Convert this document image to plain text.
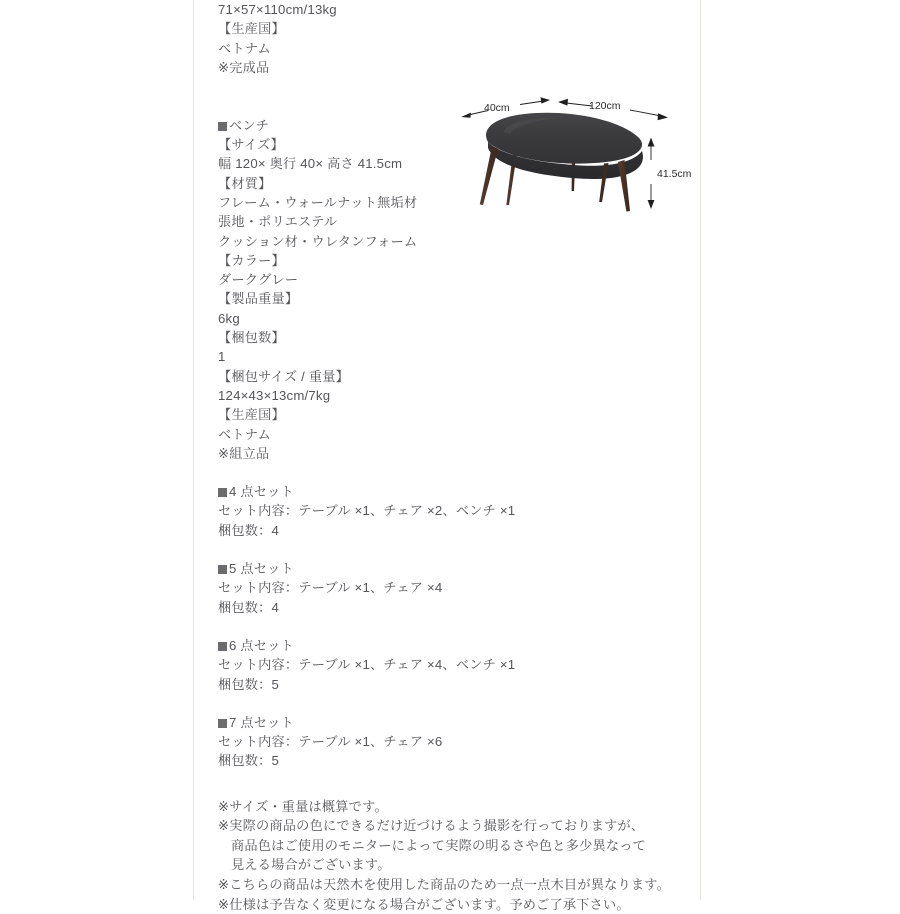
71×57×110cm/13kg
【生産国】
ベトナム
※完成品
ベンチ
【サイズ】
幅 120× 奥行 40× 高さ 41.5cm
【材質】
フレーム・ウォールナット無垢材
張地・ポリエステル
クッション材・ウレタンフォーム
【カラー】
ダークグレー
【製品重量】
6kg
【梱包数】
1
【梱包サイズ / 重量】
124×43×13cm/7kg
【生産国】
ベトナム
※組立品
4 点セット
セット内容：テーブル ×1、チェア ×2、ベンチ ×1
梱包数：4
5 点セット
セット内容：テーブル ×1、チェア ×4
梱包数：4
6 点セット
セット内容：テーブル ×1、チェア ×4、ベンチ ×1
梱包数：5
7 点セット
セット内容：テーブル ×1、チェア ×6
梱包数：5
※サイズ・重量は概算です。
※実際の商品の色にできるだけ近づけるよう撮影を行っておりますが、
商品色はご使用のモニターによって実際の明るさや色と多少異なって
見える場合がございます。
※こちらの商品は天然木を使用した商品のため一点一点木目が異なります。
※仕様は予告なく変更になる場合がございます。予めご了承下さい。
40cm	120cm
41.5cm
